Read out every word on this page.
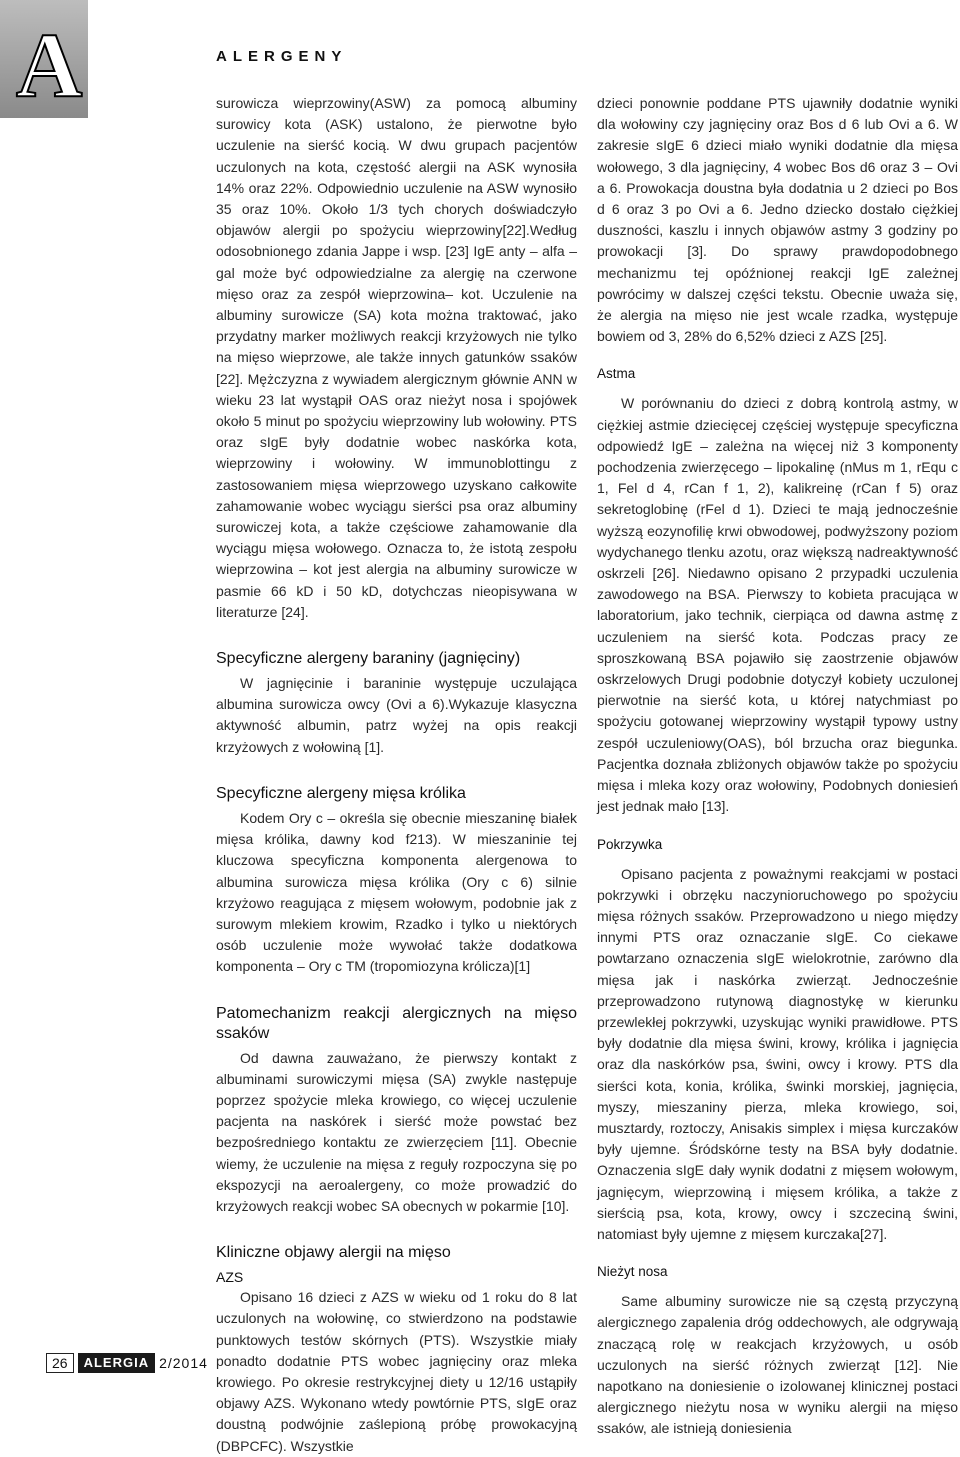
A	ALERGENY

surowicza wieprzowiny(ASW) za pomocą albuminy surowicy kota (ASK) ustalono, że pierwotne było uczulenie na sierść kocią. W dwu grupach pacjentów uczulonych na kota, częstość alergii na ASK wynosiła 14% oraz 22%. Odpowiednio uczulenie na ASW wynosiło 35 oraz 10%. Około 1/3 tych chorych doświadczyło objawów alergii po spożyciu wieprzowiny[22].Według odosobnionego zdania Jappe i wsp. [23] IgE anty – alfa – gal może być odpowiedzialne za alergię na czerwone mięso oraz za zespół wieprzowina– kot. Uczulenie na albuminy surowicze (SA) kota można traktować, jako przydatny marker możliwych reakcji krzyżowych nie tylko na mięso wieprzowe, ale także innych gatunków ssaków [22]. Mężczyzna z wywiadem alergicznym głównie ANN w wieku 23 lat wystąpił OAS oraz nieżyt nosa i spojówek około 5 minut po spożyciu wieprzowiny lub wołowiny. PTS oraz sIgE były dodatnie wobec naskórka kota, wieprzowiny i wołowiny. W immunoblottingu z zastosowaniem mięsa wieprzowego uzyskano całkowite zahamowanie wobec wyciągu sierści psa oraz albuminy surowiczej kota, a także częściowe zahamowanie dla wyciągu mięsa wołowego. Oznacza to, że istotą zespołu wieprzowina – kot jest alergia na albuminy surowicze w pasmie 66 kD i 50 kD, dotychczas nieopisywana w literaturze [24].

Specyficzne alergeny baraniny (jagnięciny)

W jagnięcinie i baraninie występuje uczulająca albumina surowicza owcy (Ovi a 6).Wykazuje klasyczna aktywność albumin, patrz wyżej na opis reakcji krzyżowych z wołowiną [1].

Specyficzne alergeny mięsa królika

Kodem Ory c – określa się obecnie mieszaninę białek mięsa królika, dawny kod f213). W mieszaninie tej kluczowa specyficzna komponenta alergenowa to albumina surowicza mięsa królika (Ory c 6) silnie krzyżowo reagująca z mięsem wołowym, podobnie jak z surowym mlekiem krowim, Rzadko i tylko u niektórych osób uczulenie może wywołać także dodatkowa komponenta – Ory c TM (tropomiozyna królicza)[1]

Patomechanizm reakcji alergicznych na mięso ssaków

Od dawna zauważano, że pierwszy kontakt z albuminami surowiczymi mięsa (SA) zwykle następuje poprzez spożycie mleka krowiego, co więcej uczulenie pacjenta na naskórek i sierść może powstać bez bezpośredniego kontaktu ze zwierzęciem [11]. Obecnie wiemy, że uczulenie na mięsa z reguły rozpoczyna się po ekspozycji na aeroalergeny, co może prowadzić do krzyżowych reakcji wobec SA obecnych w pokarmie [10].

Kliniczne objawy alergii na mięso
AZS

Opisano 16 dzieci z AZS w wieku od 1 roku do 8 lat uczulonych na wołowinę, co stwierdzono na podstawie punktowych testów skórnych (PTS). Wszystkie miały ponadto dodatnie PTS wobec jagnięciny oraz mleka krowiego. Po okresie restrykcyjnej diety u 12/16 ustąpiły objawy AZS. Wykonano wtedy powtórnie PTS, sIgE oraz doustną podwójnie zaślepioną próbę prowokacyjną (DBPCFC). Wszystkie

dzieci ponownie poddane PTS ujawniły dodatnie wyniki dla wołowiny czy jagnięciny oraz Bos d 6 lub Ovi a 6. W zakresie sIgE 6 dzieci miało wyniki dodatnie dla mięsa wołowego, 3 dla jagnięciny, 4 wobec Bos d6 oraz 3 – Ovi a 6. Prowokacja doustna była dodatnia u 2 dzieci po Bos d 6 oraz 3 po Ovi a 6. Jedno dziecko dostało ciężkiej duszności, kaszlu i innych objawów astmy 3 godziny po prowokacji [3]. Do sprawy prawdopodobnego mechanizmu tej opóźnionej reakcji IgE zależnej powrócimy w dalszej części tekstu. Obecnie uważa się, że alergia na mięso nie jest wcale rzadka, występuje bowiem od 3, 28% do 6,52% dzieci z AZS [25].

Astma

W porównaniu do dzieci z dobrą kontrolą astmy, w ciężkiej astmie dziecięcej częściej występuje specyficzna odpowiedź IgE – zależna na więcej niż 3 komponenty pochodzenia zwierzęcego – lipokalinę (nMus m 1, rEqu c 1, Fel d 4, rCan f 1, 2), kalikreinę (rCan f 5) oraz sekretoglobinę (rFel d 1). Dzieci te mają jednocześnie wyższą eozynofilię krwi obwodowej, podwyższony poziom wydychanego tlenku azotu, oraz większą nadreaktywność oskrzeli [26]. Niedawno opisano 2 przypadki uczulenia zawodowego na BSA. Pierwszy to kobieta pracująca w laboratorium, jako technik, cierpiąca od dawna astmę z uczuleniem na sierść kota. Podczas pracy ze sproszkowaną BSA pojawiło się zaostrzenie objawów oskrzelowych Drugi podobnie dotyczył kobiety uczulonej pierwotnie na sierść kota, u której natychmiast po spożyciu gotowanej wieprzowiny wystąpił typowy ustny zespół uczuleniowy(OAS), ból brzucha oraz biegunka. Pacjentka doznała zbliżonych objawów także po spożyciu mięsa i mleka kozy oraz wołowiny, Podobnych doniesień jest jednak mało [13].

Pokrzywka

Opisano pacjenta z poważnymi reakcjami w postaci pokrzywki i obrzęku naczynioruchowego po spożyciu mięsa różnych ssaków. Przeprowadzono u niego między innymi PTS oraz oznaczanie sIgE. Co ciekawe powtarzano oznaczenia sIgE wielokrotnie, zarówno dla mięsa jak i naskórka zwierząt. Jednocześnie przeprowadzono rutynową diagnostykę w kierunku przewlekłej pokrzywki, uzyskując wyniki prawidłowe. PTS były dodatnie dla mięsa świni, krowy, królika i jagnięcia oraz dla naskórków psa, świni, owcy i krowy. PTS dla sierści kota, konia, królika, świnki morskiej, jagnięcia, myszy, mieszaniny pierza, mleka krowiego, soi, musztardy, roztoczy, Anisakis simplex i mięsa kurczaków były ujemne. Śródskórne testy na BSA były dodatnie. Oznaczenia sIgE dały wynik dodatni z mięsem wołowym, jagnięcym, wieprzowiną i mięsem królika, a także z sierścią psa, kota, krowy, owcy i szczeciną świni, natomiast były ujemne z mięsem kurczaka[27].

Nieżyt nosa

Same albuminy surowicze nie są częstą przyczyną alergicznego zapalenia dróg oddechowych, ale odgrywają znaczącą rolę w reakcjach krzyżowych, u osób uczulonych na sierść różnych zwierząt [12]. Nie napotkano na doniesienie o izolowanej klinicznej postaci alergicznego nieżytu nosa w wyniku alergii na mięso ssaków, ale istnieją doniesienia

26	ALERGIA 2/2014
